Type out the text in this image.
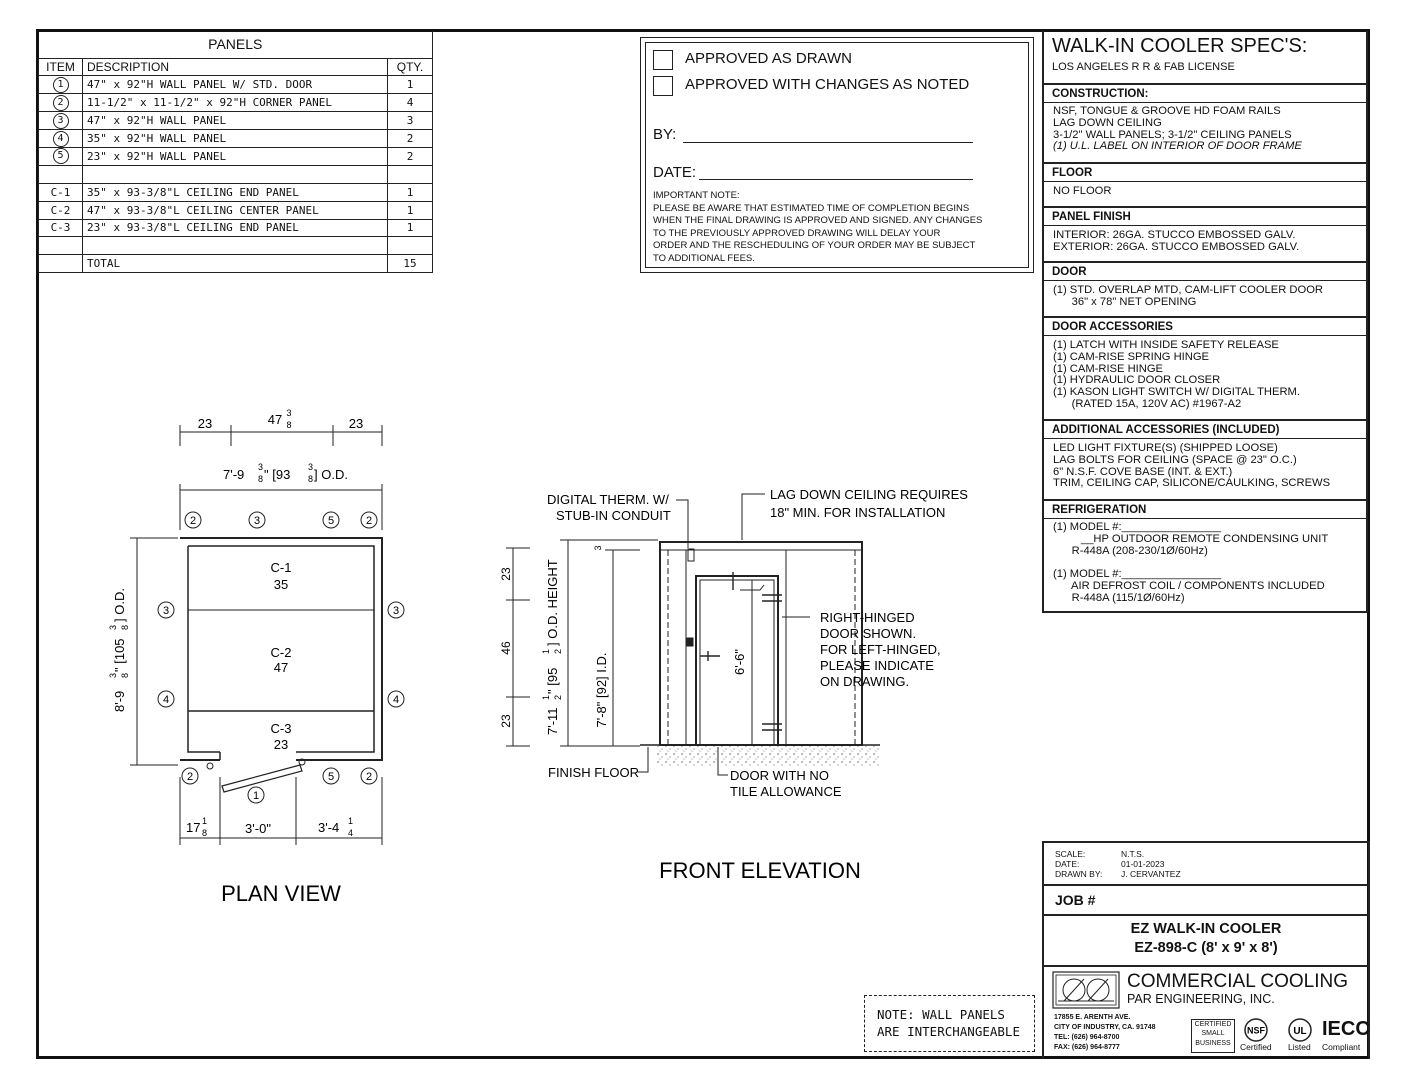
PANELS		
ITEM	DESCRIPTION	QTY.
1	47" x 92"H WALL PANEL W/ STD. DOOR	1
2	11-1/2" x 11-1/2" x 92"H CORNER PANEL	4
3	47" x 92"H WALL PANEL	3
4	35" x 92"H WALL PANEL	2
5	23" x 92"H WALL PANEL	2

C-1	35" x 93-3/8"L CEILING END PANEL	1
C-2	47" x 93-3/8"L CEILING CENTER PANEL	1
C-3	23" x 93-3/8"L CEILING END PANEL	1

	TOTAL	15
APPROVED AS DRAWN
APPROVED WITH CHANGES AS NOTED
BY:
DATE:
IMPORTANT NOTE:
PLEASE BE AWARE THAT ESTIMATED TIME OF COMPLETION BEGINS
WHEN THE FINAL DRAWING IS APPROVED AND SIGNED. ANY CHANGES
TO THE PREVIOUSLY APPROVED DRAWING WILL DELAY YOUR
ORDER AND THE RESCHEDULING OF YOUR ORDER MAY BE SUBJECT
TO ADDITIONAL FEES.
WALK-IN COOLER SPEC'S:
LOS ANGELES R R & FAB LICENSE
CONSTRUCTION:
NSF, TONGUE & GROOVE HD FOAM RAILS
LAG DOWN CEILING
3-1/2" WALL PANELS; 3-1/2" CEILING PANELS
(1) U.L. LABEL ON INTERIOR OF DOOR FRAME
FLOOR
NO FLOOR
PANEL FINISH
INTERIOR: 26GA. STUCCO EMBOSSED GALV.
EXTERIOR: 26GA. STUCCO EMBOSSED GALV.
DOOR
(1) STD. OVERLAP MTD, CAM-LIFT COOLER DOOR
36" x 78" NET OPENING
DOOR ACCESSORIES
(1) LATCH WITH INSIDE SAFETY RELEASE
(1) CAM-RISE SPRING HINGE
(1) CAM-RISE HINGE
(1) HYDRAULIC DOOR CLOSER
(1) KASON LIGHT SWITCH W/ DIGITAL THERM.
(RATED 15A, 120V AC) #1967-A2
ADDITIONAL ACCESSORIES (INCLUDED)
LED LIGHT FIXTURE(S) (SHIPPED LOOSE)
LAG BOLTS FOR CEILING (SPACE @ 23" O.C.)
6" N.S.F. COVE BASE (INT. & EXT.)
TRIM, CEILING CAP, SILICONE/CAULKING, SCREWS
REFRIGERATION
(1) MODEL #:________________
__HP OUTDOOR REMOTE CONDENSING UNIT
R-448A (208-230/1Ø/60Hz)

(1) MODEL #:________________
AIR DEFROST COIL / COMPONENTS INCLUDED
R-448A (115/1Ø/60Hz)
SCALE:	N.T.S.
DATE:	01-01-2023
DRAWN BY: J. CERVANTEZ
JOB #
EZ WALK-IN COOLER
EZ-898-C (8' x 9' x 8')
COMMERCIAL COOLING
PAR ENGINEERING, INC.
17855 E. ARENTH AVE.
CITY OF INDUSTRY, CA. 91748
TEL: (626) 964-8700
FAX: (626) 964-8777
CERTIFIED
SMALL
BUSINESS
NSF
Certified
UL
Listed
IECC
Compliant
NOTE: WALL PANELS
ARE INTERCHANGEABLE
23	47 3
8	23
7'-9 3
8 " [93 3
8 ] O.D.
8'-9
3 8
" [105
3 8
] O.D.
C-1
35
C-2
47
C-3
23
2	3	5	2
3
4
3
4
2
1
5	2
17 1
8	3'-0"	3'-4 1
4
PLAN VIEW
DIGITAL THERM. W/
STUB-IN CONDUIT
LAG DOWN CEILING REQUIRES
18" MIN. FOR INSTALLATION
RIGHT-HINGED
DOOR SHOWN.
FOR LEFT-HINGED,
PLEASE INDICATE
ON DRAWING.
FINISH FLOOR	DOOR WITH NO
TILE ALLOWANCE
23
46
23 7'-11
1 2
" [95
1 2
] O.D. HEIGHT
7'-8" [92] I.D.
3
6'-6"
FRONT ELEVATION
